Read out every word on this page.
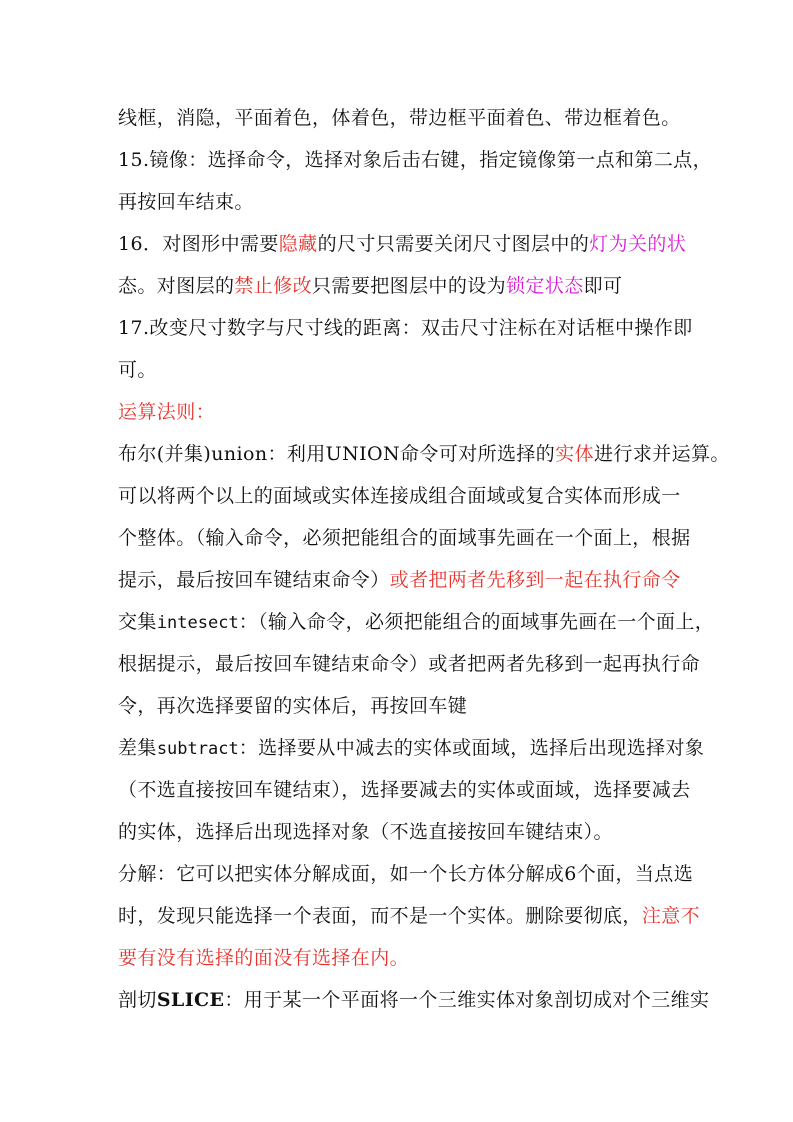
线框，消隐，平面着色，体着色，带边框平面着色、带边框着色。
15.镜像：选择命令，选择对象后击右键，指定镜像第一点和第二点，
再按回车结束。
16．对图形中需要隐藏的尺寸只需要关闭尺寸图层中的灯为关的状
态。对图层的禁止修改只需要把图层中的设为锁定状态即可
17.改变尺寸数字与尺寸线的距离：双击尺寸注标在对话框中操作即
可。
运算法则：
布尔(并集)union：利用UNION命令可对所选择的实体进行求并运算。
可以将两个以上的面域或实体连接成组合面域或复合实体而形成一
个整体。（输入命令，必须把能组合的面域事先画在一个面上，根据
提示，最后按回车键结束命令）或者把两者先移到一起在执行命令
交集intesect：（输入命令，必须把能组合的面域事先画在一个面上，
根据提示，最后按回车键结束命令）或者把两者先移到一起再执行命
令，再次选择要留的实体后，再按回车键
差集subtract：选择要从中减去的实体或面域，选择后出现选择对象
（不选直接按回车键结束），选择要减去的实体或面域，选择要减去
的实体，选择后出现选择对象（不选直接按回车键结束）。
分解：它可以把实体分解成面，如一个长方体分解成6个面，当点选
时，发现只能选择一个表面，而不是一个实体。删除要彻底，注意不
要有没有选择的面没有选择在内。
剖切SLICE：用于某一个平面将一个三维实体对象剖切成对个三维实
